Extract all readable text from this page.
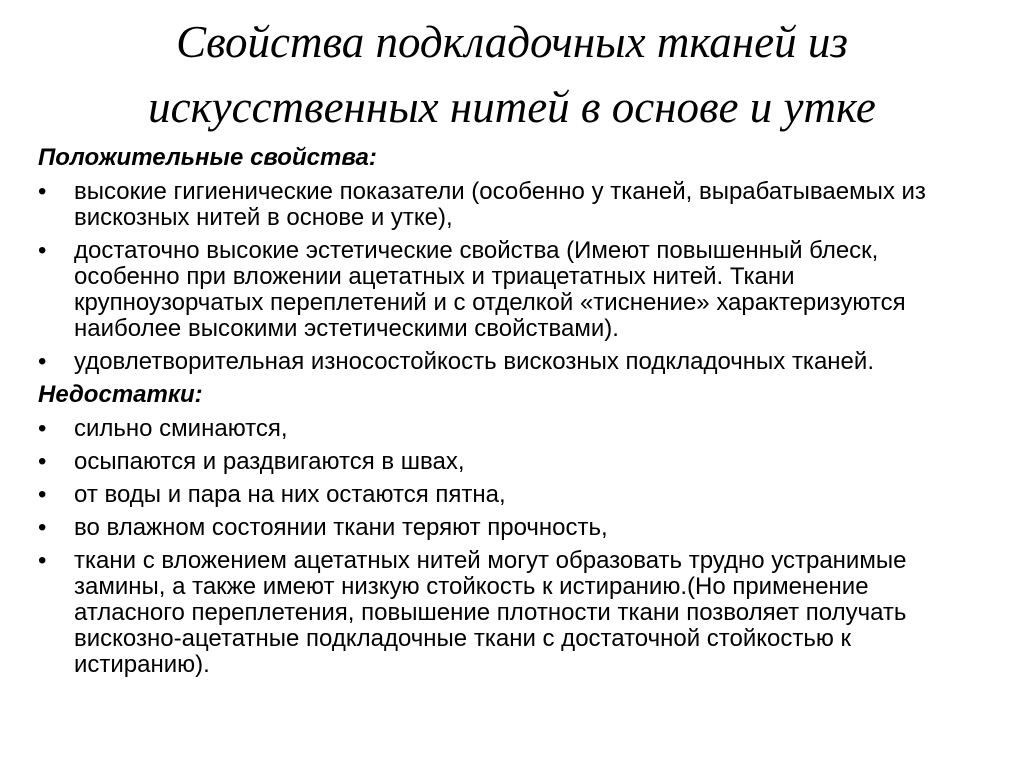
Свойства подкладочных тканей из искусственных нитей в основе и утке
Положительные свойства:
• высокие гигиенические показатели (особенно у тканей, вырабатываемых из вискозных нитей в основе и утке),
• достаточно высокие эстетические свойства (Имеют повышенный блеск, особенно при вложении ацетатных и триацетатных нитей. Ткани крупноузорчатых переплетений и с отделкой «тиснение» характеризуются наиболее высокими эстетическими свойствами).
• удовлетворительная износостойкость вискозных подкладочных тканей.
Недостатки:
• сильно сминаются,
• осыпаются и раздвигаются в швах,
• от воды и пара на них остаются пятна,
• во влажном состоянии ткани теряют прочность,
• ткани с вложением ацетатных нитей могут образовать трудно устранимые замины, а также имеют низкую стойкость к истиранию.(Но применение атласного переплетения, повышение плотности ткани позволяет получать вискозно-ацетатные подкладочные ткани с достаточной стойкостью к истиранию).
